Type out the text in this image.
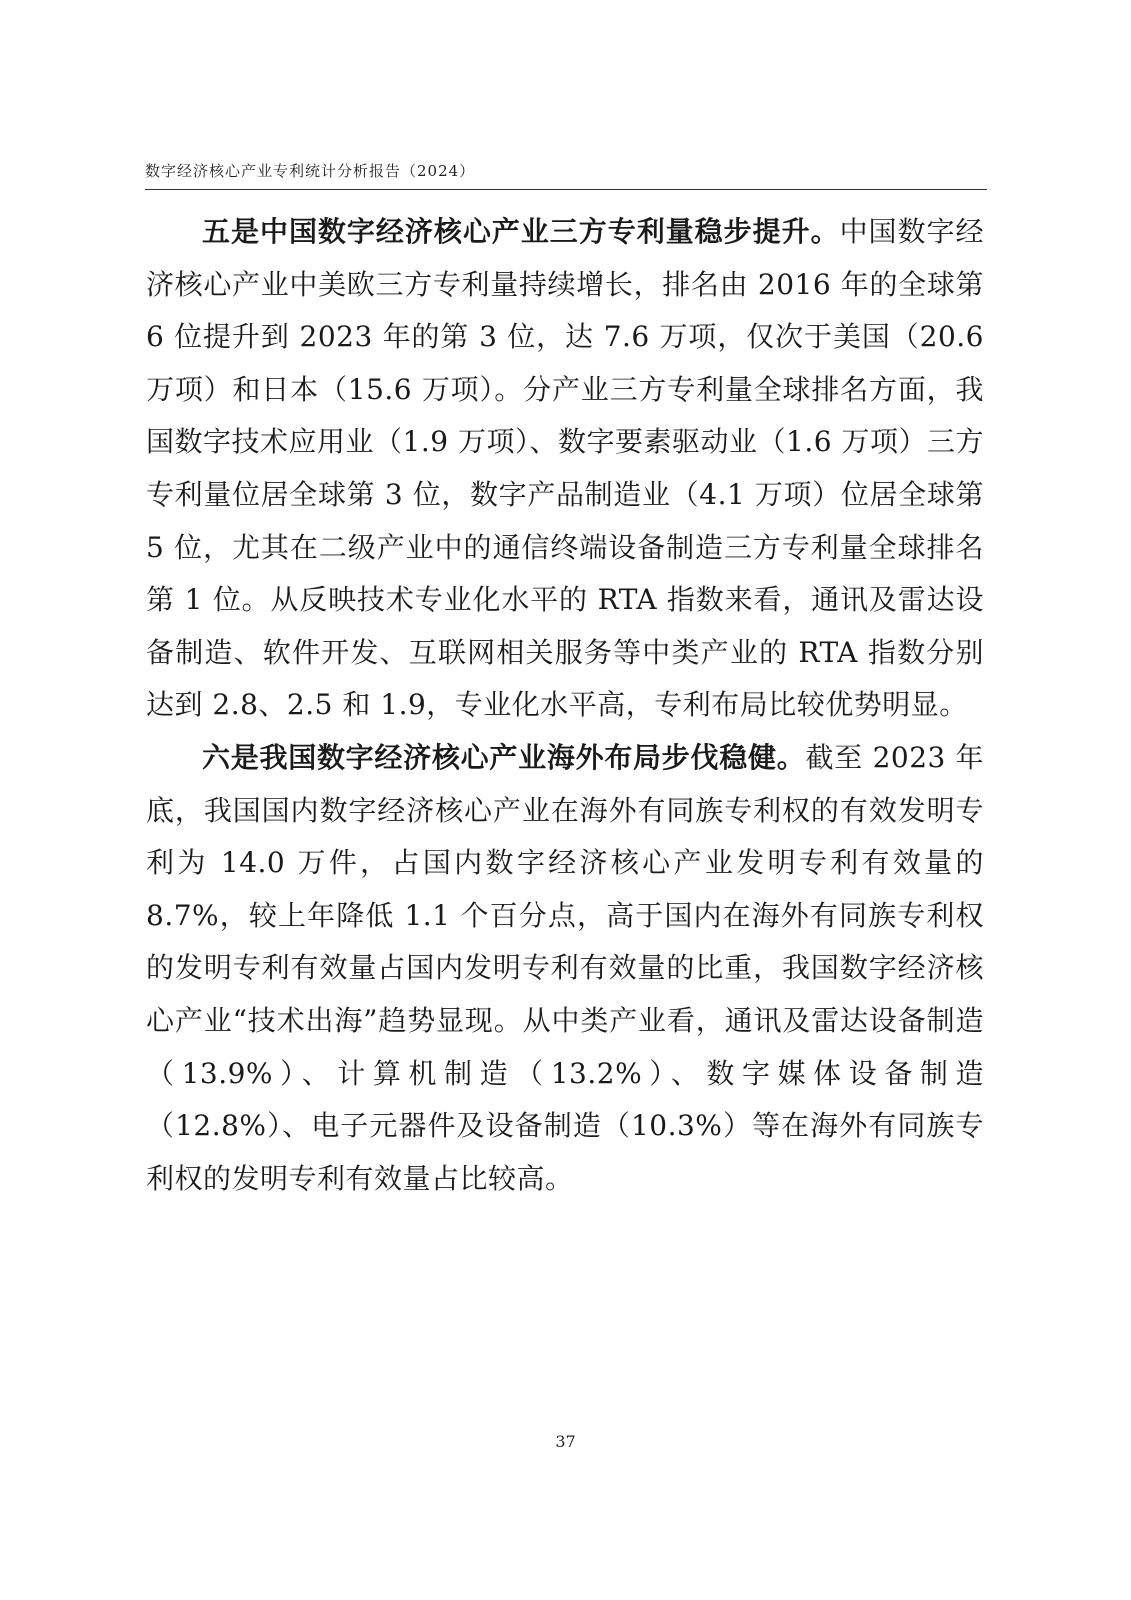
数字经济核心产业专利统计分析报告（2024）

五是中国数字经济核心产业三方专利量稳步提升。中国数字经济核心产业中美欧三方专利量持续增长，排名由 2016 年的全球第 6 位提升到 2023 年的第 3 位，达 7.6 万项，仅次于美国（20.6 万项）和日本（15.6 万项）。分产业三方专利量全球排名方面，我国数字技术应用业（1.9 万项）、数字要素驱动业（1.6 万项）三方专利量位居全球第 3 位，数字产品制造业（4.1 万项）位居全球第 5 位，尤其在二级产业中的通信终端设备制造三方专利量全球排名第 1 位。从反映技术专业化水平的 RTA 指数来看，通讯及雷达设备制造、软件开发、互联网相关服务等中类产业的 RTA 指数分别达到 2.8、2.5 和 1.9，专业化水平高，专利布局比较优势明显。

六是我国数字经济核心产业海外布局步伐稳健。截至 2023 年底，我国国内数字经济核心产业在海外有同族专利权的有效发明专利为 14.0 万件，占国内数字经济核心产业发明专利有效量的 8.7%，较上年降低 1.1 个百分点，高于国内在海外有同族专利权的发明专利有效量占国内发明专利有效量的比重，我国数字经济核心产业“技术出海”趋势显现。从中类产业看，通讯及雷达设备制造（13.9%）、计算机制造（13.2%）、数字媒体设备制造（12.8%）、电子元器件及设备制造（10.3%）等在海外有同族专利权的发明专利有效量占比较高。

37
